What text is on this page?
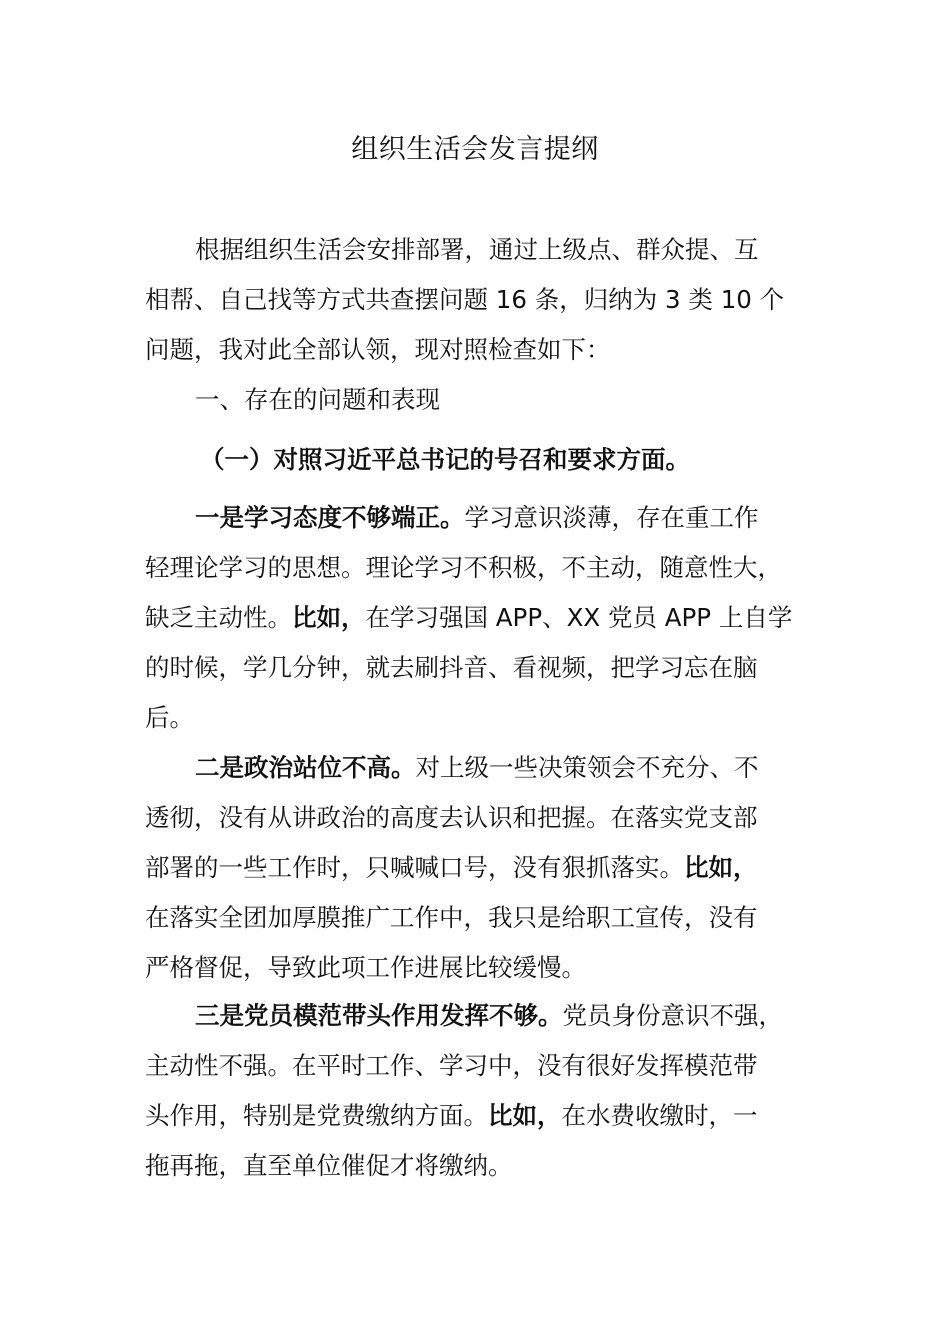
组织生活会发言提纲
根据组织生活会安排部署，通过上级点、群众提、互
相帮、自己找等方式共查摆问题 16 条，归纳为 3 类 10 个
问题，我对此全部认领，现对照检查如下：
一、存在的问题和表现
（一）对照习近平总书记的号召和要求方面。
一是学习态度不够端正。学习意识淡薄，存在重工作
轻理论学习的思想。理论学习不积极，不主动，随意性大，
缺乏主动性。比如，在学习强国 APP、XX 党员 APP 上自学
的时候，学几分钟，就去刷抖音、看视频，把学习忘在脑
后。
二是政治站位不高。对上级一些决策领会不充分、不
透彻，没有从讲政治的高度去认识和把握。在落实党支部
部署的一些工作时，只喊喊口号，没有狠抓落实。比如，
在落实全团加厚膜推广工作中，我只是给职工宣传，没有
严格督促，导致此项工作进展比较缓慢。
三是党员模范带头作用发挥不够。党员身份意识不强，
主动性不强。在平时工作、学习中，没有很好发挥模范带
头作用，特别是党费缴纳方面。比如，在水费收缴时，一
拖再拖，直至单位催促才将缴纳。
